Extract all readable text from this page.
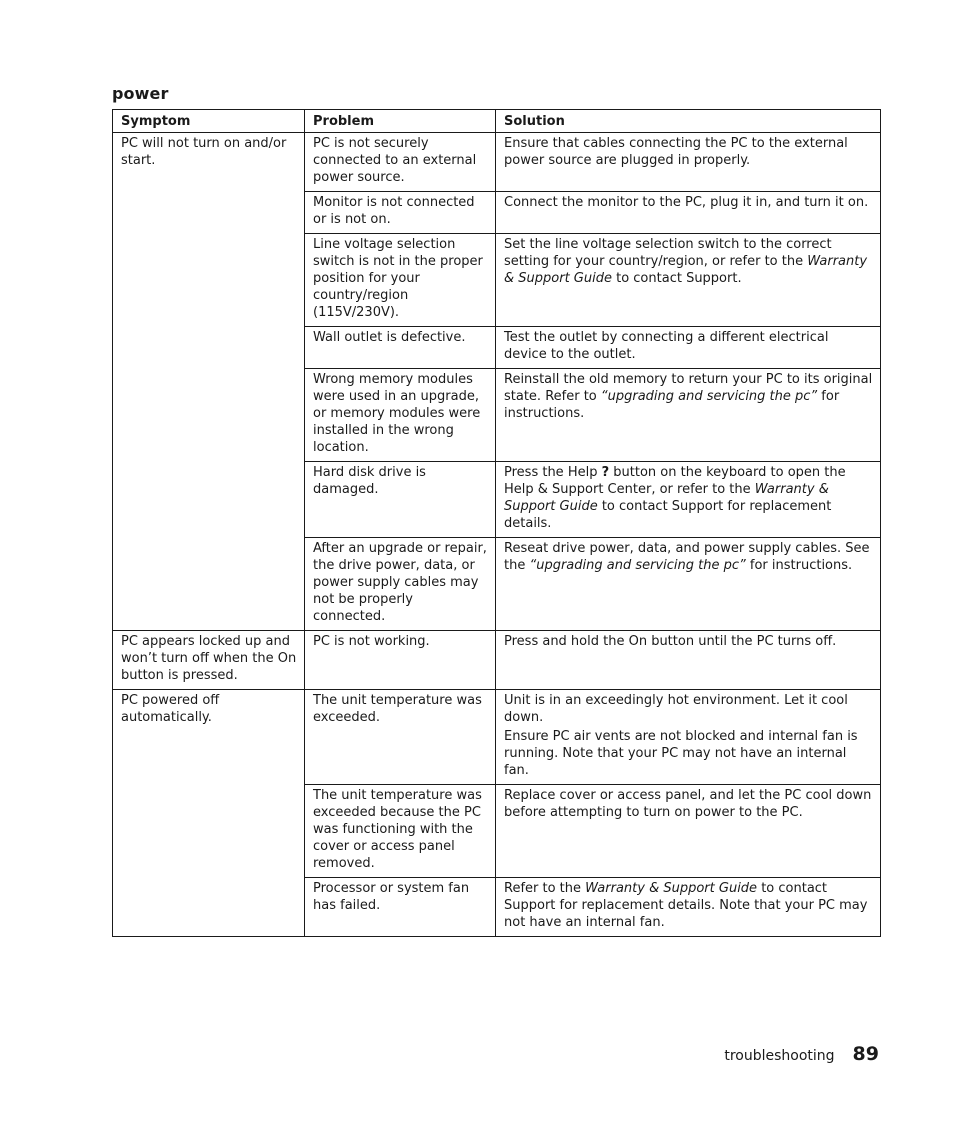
power
Symptom	Problem	Solution
PC will not turn on and/or start.	PC is not securely connected to an external power source.	Ensure that cables connecting the PC to the external power source are plugged in properly.
	Monitor is not connected or is not on.	Connect the monitor to the PC, plug it in, and turn it on.
	Line voltage selection switch is not in the proper position for your country/region (115V/230V).	Set the line voltage selection switch to the correct setting for your country/region, or refer to the Warranty & Support Guide to contact Support.
	Wall outlet is defective.	Test the outlet by connecting a different electrical device to the outlet.
	Wrong memory modules were used in an upgrade, or memory modules were installed in the wrong location.	Reinstall the old memory to return your PC to its original state. Refer to “upgrading and servicing the pc” for instructions.
	Hard disk drive is damaged.	Press the Help ? button on the keyboard to open the Help & Support Center, or refer to the Warranty & Support Guide to contact Support for replacement details.
	After an upgrade or repair, the drive power, data, or power supply cables may not be properly connected.	Reseat drive power, data, and power supply cables. See the “upgrading and servicing the pc” for instructions.
PC appears locked up and won’t turn off when the On button is pressed.	PC is not working.	Press and hold the On button until the PC turns off.
PC powered off automatically.	The unit temperature was exceeded.	Unit is in an exceedingly hot environment. Let it cool down.
Ensure PC air vents are not blocked and internal fan is running. Note that your PC may not have an internal fan.
	The unit temperature was exceeded because the PC was functioning with the cover or access panel removed.	Replace cover or access panel, and let the PC cool down before attempting to turn on power to the PC.
	Processor or system fan has failed.	Refer to the Warranty & Support Guide to contact Support for replacement details. Note that your PC may not have an internal fan.
troubleshooting 89
